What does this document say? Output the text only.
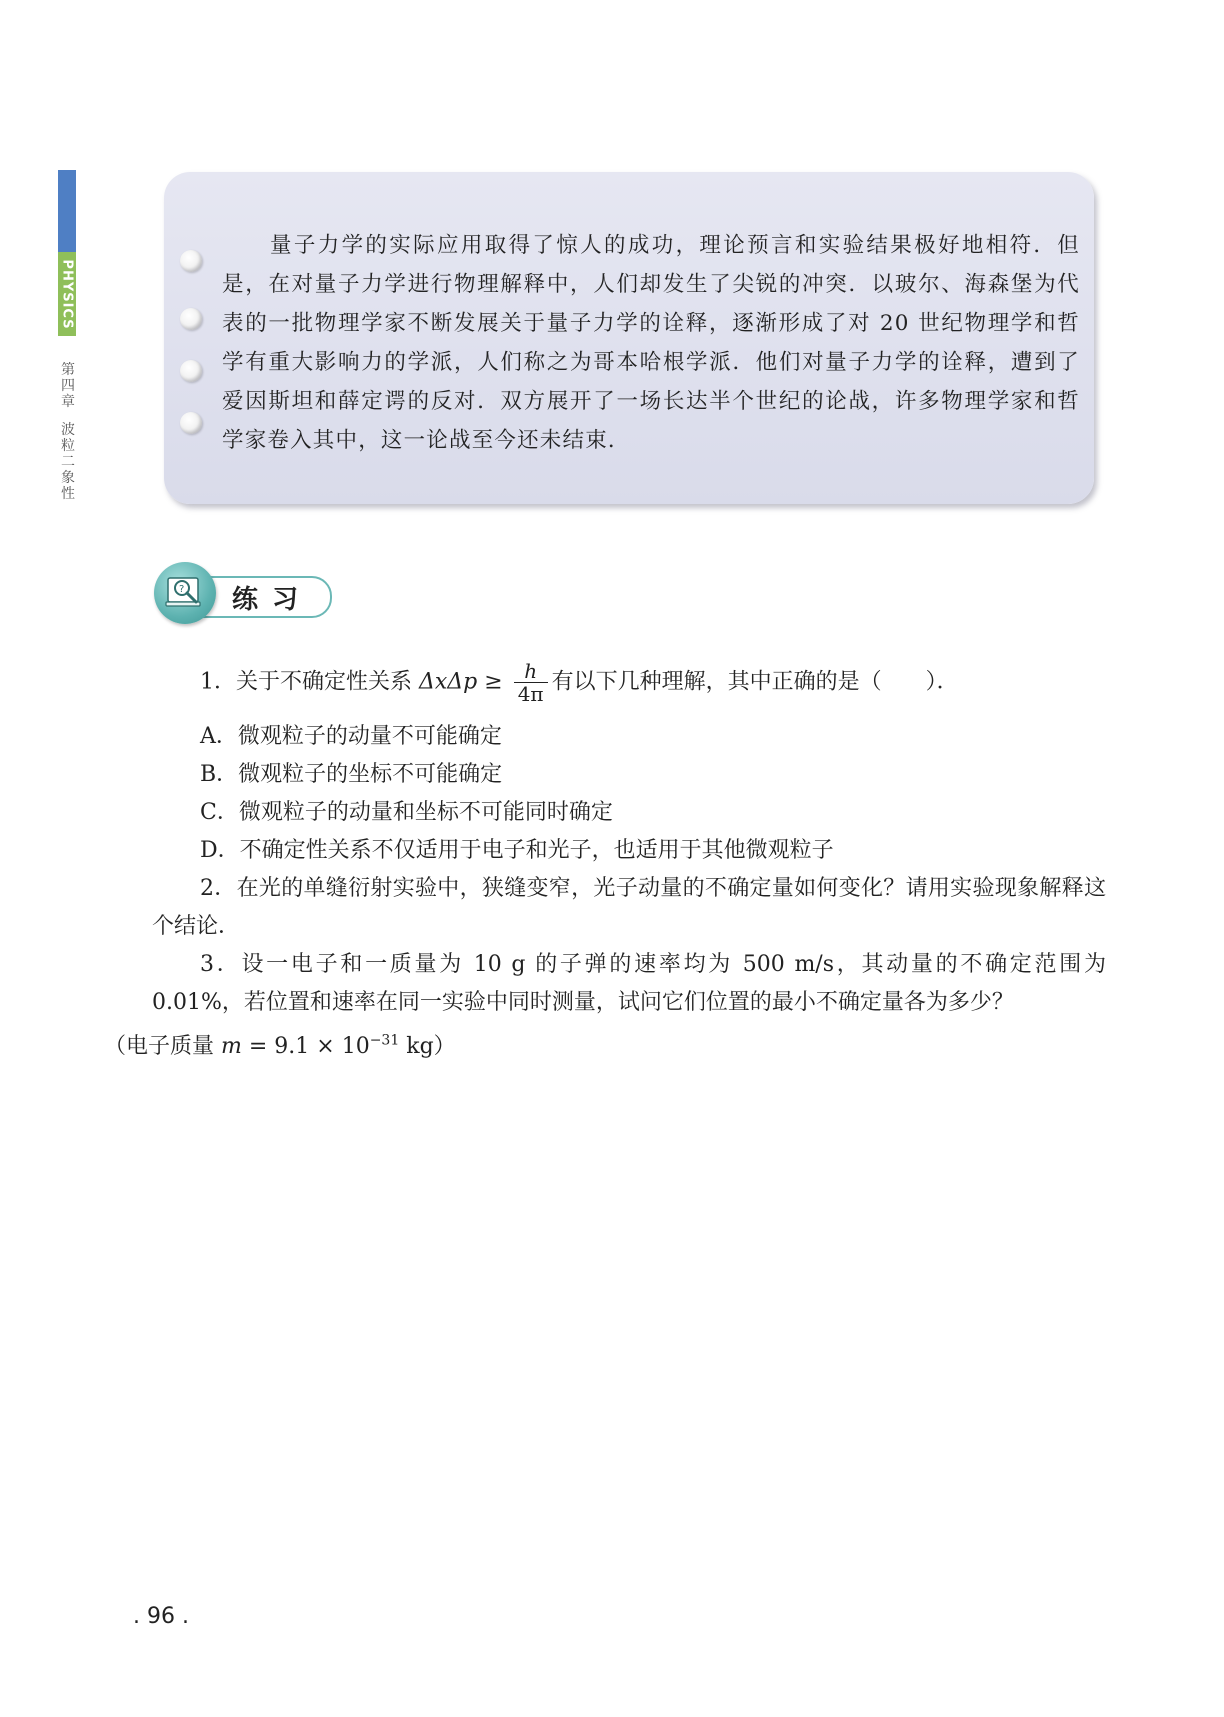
PHYSICS
第
四
章
波
粒
二
象
性
量子力学的实际应用取得了惊人的成功，理论预言和实验结果极好地相符．但是，在对量子力学进行物理解释中，人们却发生了尖锐的冲突．以玻尔、海森堡为代表的一批物理学家不断发展关于量子力学的诠释，逐渐形成了对 20 世纪物理学和哲学有重大影响力的学派，人们称之为哥本哈根学派．他们对量子力学的诠释，遭到了爱因斯坦和薛定谔的反对．双方展开了一场长达半个世纪的论战，许多物理学家和哲学家卷入其中，这一论战至今还未结束．
? 练习
1．关于不确定性关系 $\Delta x\Delta p \ge \frac{h}{4\pi}$ 有以下几种理解，其中正确的是（　　）．
A．微观粒子的动量不可能确定
B．微观粒子的坐标不可能确定
C．微观粒子的动量和坐标不可能同时确定
D．不确定性关系不仅适用于电子和光子，也适用于其他微观粒子
2．在光的单缝衍射实验中，狭缝变窄，光子动量的不确定量如何变化？请用实验现象解释这个结论．
3．设一电子和一质量为 10 g 的子弹的速率均为 500 m/s，其动量的不确定范围为 0.01%，若位置和速率在同一实验中同时测量，试问它们位置的最小不确定量各为多少？
（电子质量 $m = 9.1 \times 10^{-31}$ kg）
. 96 .
